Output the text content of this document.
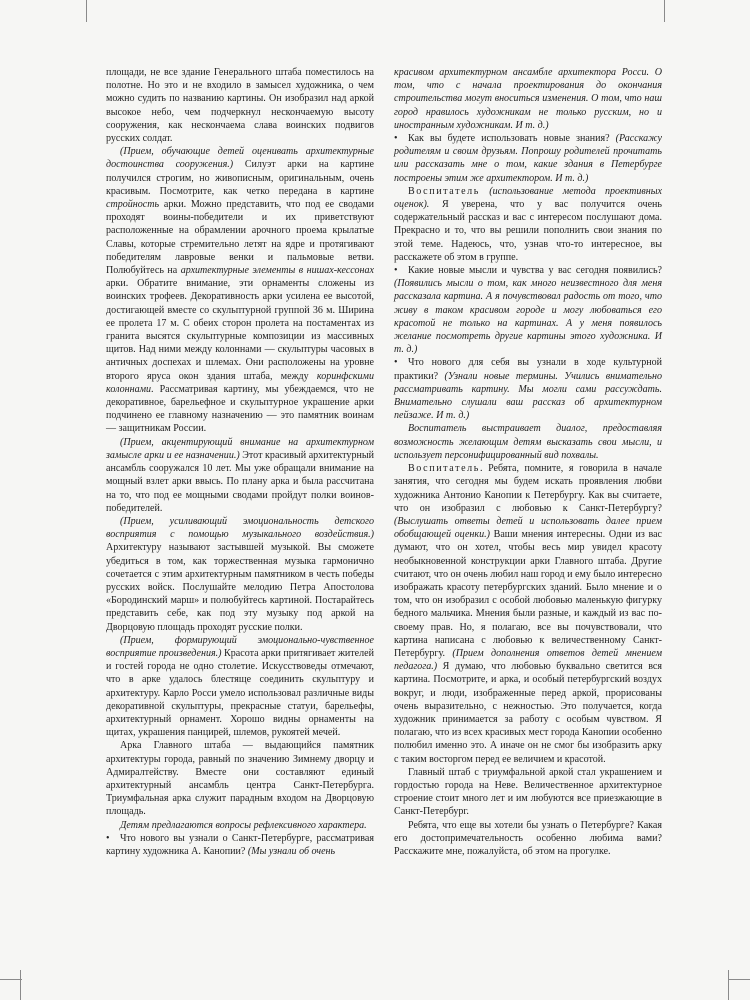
площади, не все здание Генерального штаба поместилось на полотне. Но это и не входило в замысел художника, о чем можно судить по названию картины. Он изобразил над аркой высокое небо, чем подчеркнул нескончаемую высоту сооружения, как нескончаема слава воинских подвигов русских солдат.

(Прием, обучающие детей оценивать архитектурные достоинства сооружения.) Силуэт арки на картине получился строгим, но живописным, оригинальным, очень красивым. Посмотрите, как четко передана в картине стройность арки. Можно представить, что под ее сводами проходят воины-победители и их приветствуют расположенные на обрамлении арочного проема крылатые Славы, которые стремительно летят на ядре и протягивают победителям лавровые венки и пальмовые ветви. Полюбуйтесь на архитектурные элементы в нишах-кессонах арки. Обратите внимание, эти орнаменты сложены из воинских трофеев. Декоративность арки усилена ее высотой, достигающей вместе со скульптурной группой 36 м. Ширина ее пролета 17 м. С обеих сторон пролета на постаментах из гранита высятся скульптурные композиции из массивных щитов. Над ними между колоннами — скульптуры часовых в античных доспехах и шлемах. Они расположены на уровне второго яруса окон здания штаба, между коринфскими колоннами. Рассматривая картину, мы убеждаемся, что не декоративное, барельефное и скульптурное украшение арки подчинено ее главному назначению — это памятник воинам — защитникам России.

(Прием, акцентирующий внимание на архитектурном замысле арки и ее назначении.) Этот красивый архитектурный ансамбль сооружался 10 лет. Мы уже обращали внимание на мощный взлет арки ввысь. По плану арка и была рассчитана на то, что под ее мощными сводами пройдут полки воинов-победителей.

(Прием, усиливающий эмоциональность детского восприятия с помощью музыкального воздействия.) Архитектуру называют застывшей музыкой. Вы сможете убедиться в том, как торжественная музыка гармонично сочетается с этим архитектурным памятником в честь победы русских войск. Послушайте мелодию Петра Апостолова «Бородинский марш» и полюбуйтесь картиной. Постарайтесь представить себе, как под эту музыку под аркой на Дворцовую площадь проходят русские полки.

(Прием, формирующий эмоционально-чувственное восприятие произведения.) Красота арки притягивает жителей и гостей города не одно столетие. Искусствоведы отмечают, что в арке удалось блестяще соединить скульптуру и архитектуру. Карло Росси умело использовал различные виды декоративной скульптуры, прекрасные статуи, барельефы, архитектурный орнамент. Хорошо видны орнаменты на щитах, украшения панцирей, шлемов, рукоятей мечей.

Арка Главного штаба — выдающийся памятник архитектуры города, равный по значению Зимнему дворцу и Адмиралтейству. Вместе они составляют единый архитектурный ансамбль центра Санкт-Петербурга. Триумфальная арка служит парадным входом на Дворцовую площадь.

Детям предлагаются вопросы рефлексивного характера.

• Что нового вы узнали о Санкт-Петербурге, рассматривая картину художника А. Канопии? (Мы узнали об очень

красивом архитектурном ансамбле архитектора Росси. О том, что с начала проектирования до окончания строительства могут вноситься изменения. О том, что наш город нравилось художникам не только русским, но и иностранным художникам. И т. д.)

• Как вы будете использовать новые знания? (Расскажу родителям и своим друзьям. Попрошу родителей прочитать или рассказать мне о том, какие здания в Петербурге построены этим же архитектором. И т. д.)

Воспитатель (использование метода проективных оценок). Я уверена, что у вас получится очень содержательный рассказ и вас с интересом послушают дома. Прекрасно и то, что вы решили пополнить свои знания по этой теме. Надеюсь, что, узнав что-то интересное, вы расскажете об этом в группе.

• Какие новые мысли и чувства у вас сегодня появились? (Появились мысли о том, как много неизвестного для меня рассказала картина. А я почувствовал радость от того, что живу в таком красивом городе и могу любоваться его красотой не только на картинах. А у меня появилось желание посмотреть другие картины этого художника. И т. д.)

• Что нового для себя вы узнали в ходе культурной практики? (Узнали новые термины. Учились внимательно рассматривать картину. Мы могли сами рассуждать. Внимательно слушали ваш рассказ об архитектурном пейзаже. И т. д.)

Воспитатель выстраивает диалог, предоставляя возможность желающим детям высказать свои мысли, и использует персонифицированный вид похвалы.

Воспитатель. Ребята, помните, я говорила в начале занятия, что сегодня мы будем искать проявления любви художника Антонио Канопии к Петербургу. Как вы считаете, что он изобразил с любовью к Санкт-Петербургу? (Выслушать ответы детей и использовать далее прием обобщающей оценки.) Ваши мнения интересны. Одни из вас думают, что он хотел, чтобы весь мир увидел красоту необыкновенной конструкции арки Главного штаба. Другие считают, что он очень любил наш город и ему было интересно изображать красоту петербургских зданий. Было мнение и о том, что он изобразил с особой любовью маленькую фигурку бедного мальчика. Мнения были разные, и каждый из вас по-своему прав. Но, я полагаю, все вы почувствовали, что картина написана с любовью к величественному Санкт-Петербургу. (Прием дополнения ответов детей мнением педагога.) Я думаю, что любовью буквально светится вся картина. Посмотрите, и арка, и особый петербургский воздух вокруг, и люди, изображенные перед аркой, прорисованы очень выразительно, с нежностью. Это получается, когда художник принимается за работу с особым чувством. Я полагаю, что из всех красивых мест города Канопии особенно полюбил именно это. А иначе он не смог бы изобразить арку с таким восторгом перед ее величием и красотой.

Главный штаб с триумфальной аркой стал украшением и гордостью города на Неве. Величественное архитектурное строение стоит много лет и им любуются все приезжающие в Санкт-Петербург.

Ребята, что еще вы хотели бы узнать о Петербурге? Какая его достопримечательность особенно любима вами? Расскажите мне, пожалуйста, об этом на прогулке.
